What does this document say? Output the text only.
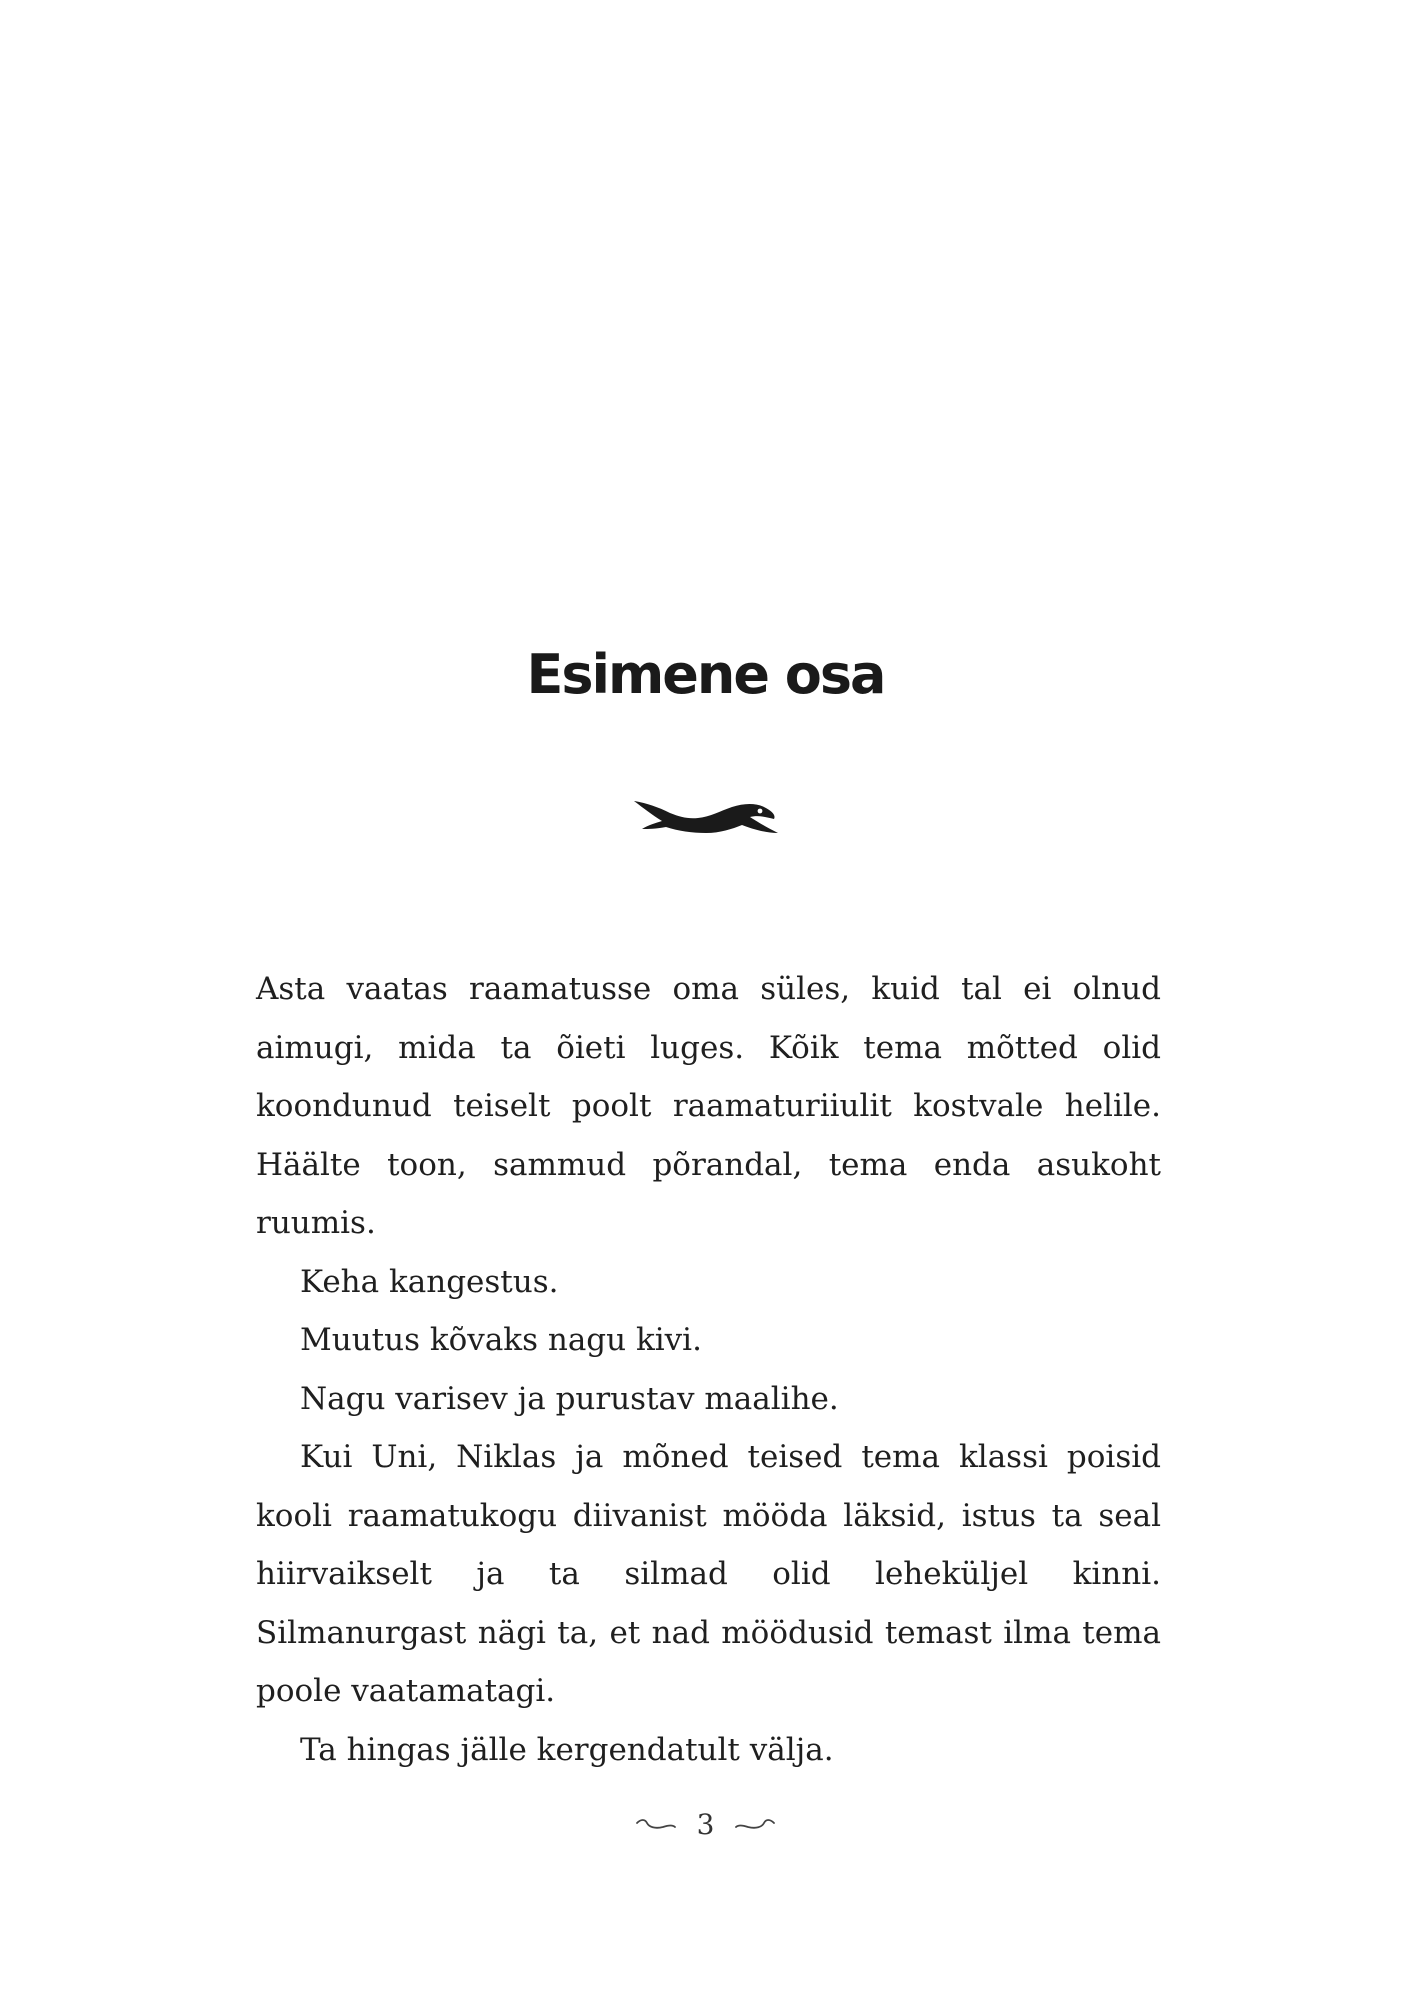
Esimene osa

Asta vaatas raamatusse oma süles, kuid tal ei olnud aimugi, mida ta õieti luges. Kõik tema mõtted olid koondunud teiselt poolt raamaturiiulit kostvale helile. Häälte toon, sammud põrandal, tema enda asukoht ruumis.

Keha kangestus.

Muutus kõvaks nagu kivi.

Nagu varisev ja purustav maalihe.

Kui Uni, Niklas ja mõned teised tema klassi poisid kooli raamatukogu diivanist mööda läksid, istus ta seal hiirvaikselt ja ta silmad olid leheküljel kinni. Silmanurgast nägi ta, et nad möödusid temast ilma tema poole vaatamatagi.

Ta hingas jälle kergendatult välja.

3
